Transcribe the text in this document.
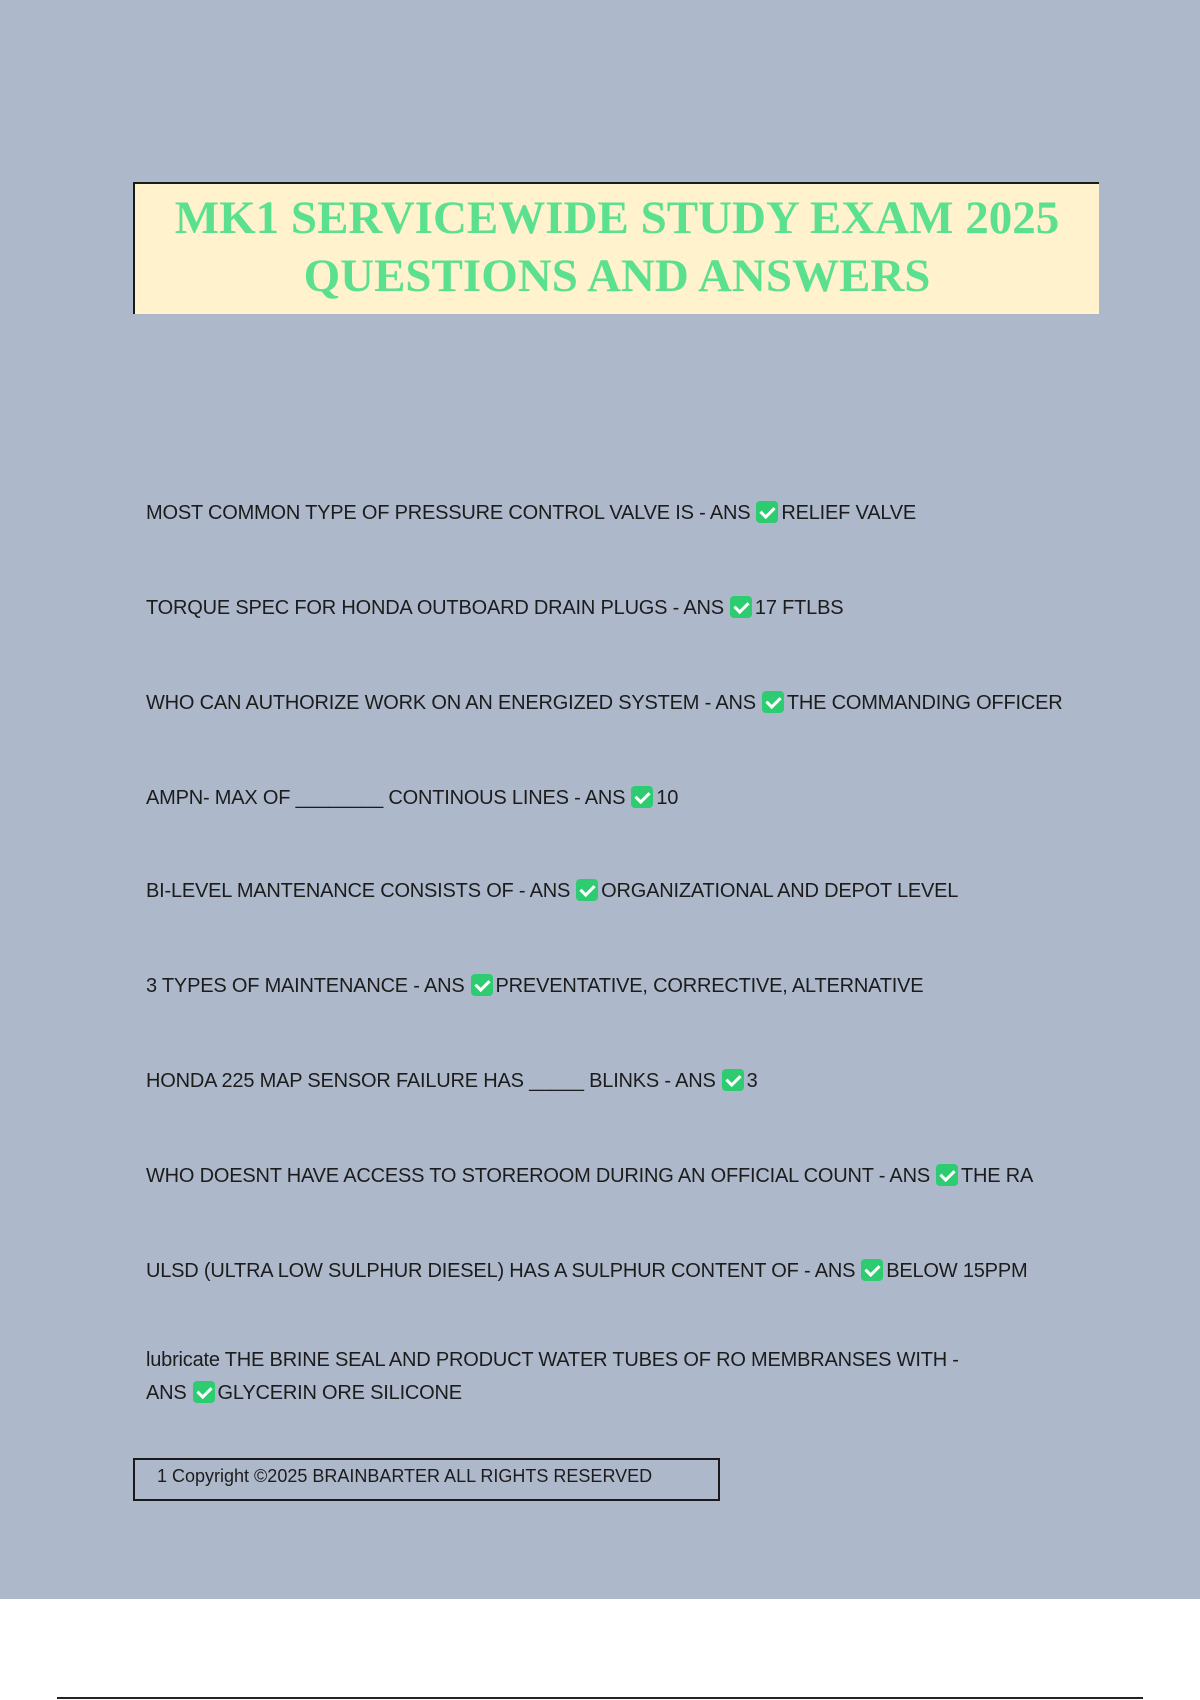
MK1 SERVICEWIDE STUDY EXAM 2025
QUESTIONS AND ANSWERS
MOST COMMON TYPE OF PRESSURE CONTROL VALVE IS - ANS RELIEF VALVE
TORQUE SPEC FOR HONDA OUTBOARD DRAIN PLUGS - ANS 17 FTLBS
WHO CAN AUTHORIZE WORK ON AN ENERGIZED SYSTEM - ANS THE COMMANDING OFFICER
AMPN- MAX OF ________ CONTINOUS LINES - ANS 10
BI-LEVEL MANTENANCE CONSISTS OF - ANS ORGANIZATIONAL AND DEPOT LEVEL
3 TYPES OF MAINTENANCE - ANS PREVENTATIVE, CORRECTIVE, ALTERNATIVE
HONDA 225 MAP SENSOR FAILURE HAS _____ BLINKS - ANS 3
WHO DOESNT HAVE ACCESS TO STOREROOM DURING AN OFFICIAL COUNT - ANS THE RA
ULSD (ULTRA LOW SULPHUR DIESEL) HAS A SULPHUR CONTENT OF - ANS BELOW 15PPM
lubricate THE BRINE SEAL AND PRODUCT WATER TUBES OF RO MEMBRANSES WITH -
ANS GLYCERIN ORE SILICONE
1 Copyright ©2025 BRAINBARTER ALL RIGHTS RESERVED
